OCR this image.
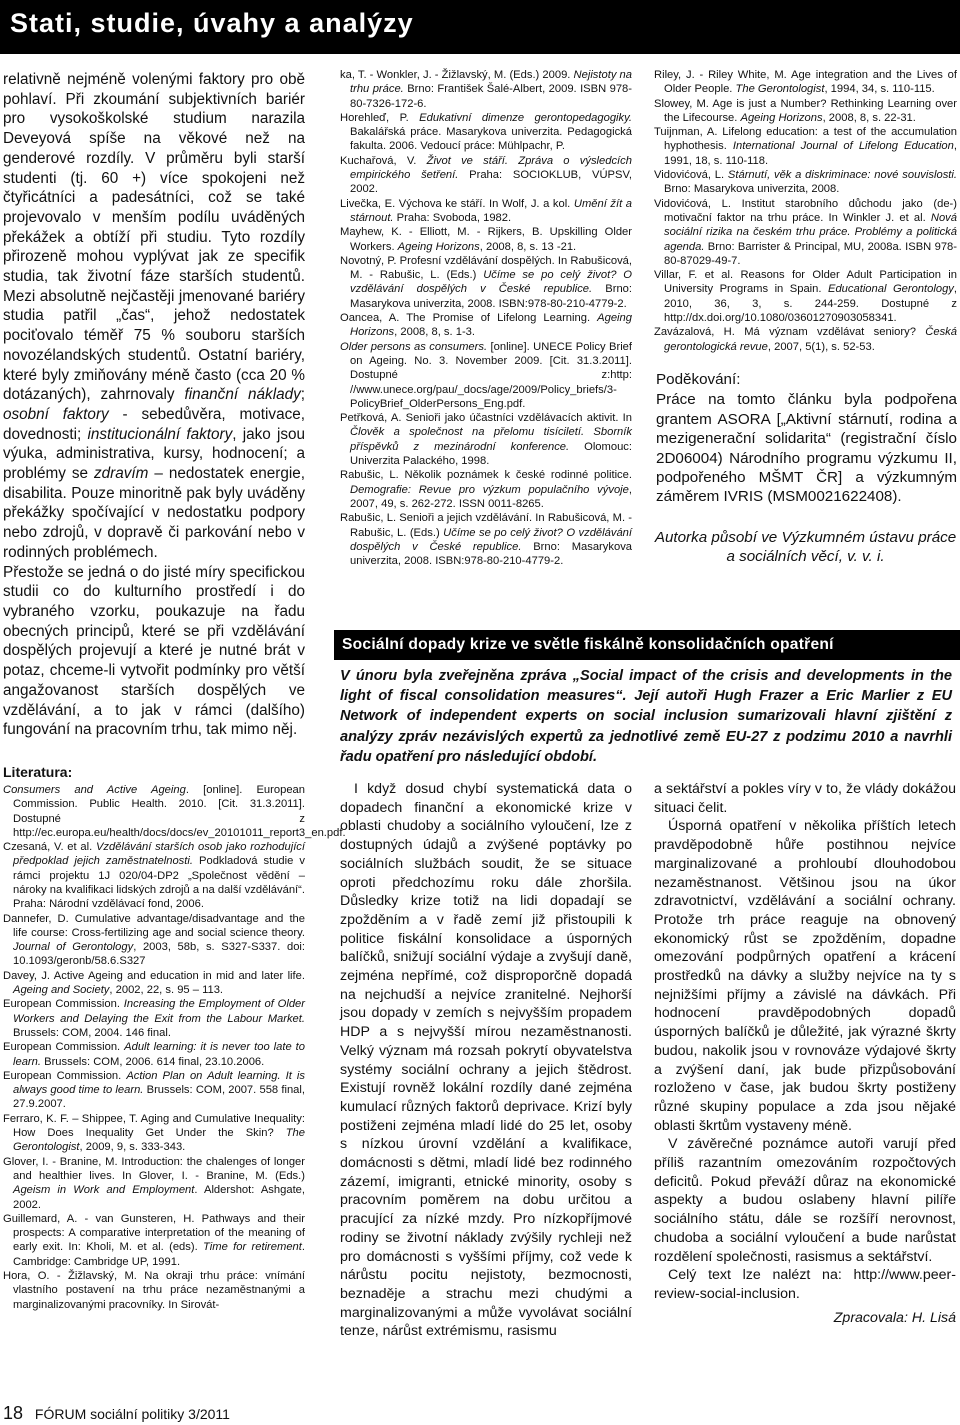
Stati, studie, úvahy a analýzy

relativně nejméně volenými faktory pro obě pohlaví. Při zkoumání subjektivních bariér pro vysokoškolské studium narazila Deveyová spíše na věkové než na genderové rozdíly. V průměru byli starší studenti (tj. 60 +) více spokojeni než čtyřicátníci a padesátníci, což se také projevovalo v menším podílu uváděných překážek a obtíží při studiu. Tyto rozdíly přirozeně mohou vyplývat jak ze specifik studia, tak životní fáze starších studentů. Mezi absolutně nejčastěji jmenované bariéry studia patřil „čas“, jehož nedostatek pociťovalo téměř 75 % souboru starších novozélandských studentů. Ostatní bariéry, které byly zmiňovány méně často (cca 20 % dotázaných), zahrnovaly finanční náklady; osobní faktory - sebedůvěra, motivace, dovednosti; institucionální faktory, jako jsou výuka, administrativa, kursy, hodnocení; a problémy se zdravím – nedostatek energie, disabilita. Pouze minoritně pak byly uváděny překážky spočívající v nedostatku podpory nebo zdrojů, v dopravě či parkování nebo v rodinných problémech.

Přestože se jedná o do jisté míry specifickou studii co do kulturního prostředí i do vybraného vzorku, poukazuje na řadu obecných principů, které se při vzdělávání dospělých projevují a které je nutné brát v potaz, chceme-li vytvořit podmínky pro větší angažovanost starších dospělých ve vzdělávání, a to jak v rámci (dalšího) fungování na pracovním trhu, tak mimo něj.

Literatura:

Consumers and Active Ageing. [online]. European Commission. Public Health. 2010. [Cit. 31.3.2011]. Dostupné z http://ec.europa.eu/health/docs/docs/ev_20101011_report3_en.pdf.

Czesaná, V. et al. Vzdělávání starších osob jako rozhodující předpoklad jejich zaměstnatelnosti. Podkladová studie v rámci projektu 1J 020/04-DP2 „Společnost vědění – nároky na kvalifikaci lidských zdrojů a na další vzdělávání“. Praha: Národní vzdělávací fond, 2006.

Dannefer, D. Cumulative advantage/disadvantage and the life course: Cross-fertilizing age and social science theory. Journal of Gerontology, 2003, 58b, s. S327-S337. doi: 10.1093/geronb/58.6.S327

Davey, J. Active Ageing and education in mid and later life. Ageing and Society, 2002, 22, s. 95 – 113.

European Commission. Increasing the Employment of Older Workers and Delaying the Exit from the Labour Market. Brussels: COM, 2004. 146 final.

European Commission. Adult learning: it is never too late to learn. Brussels: COM, 2006. 614 final, 23.10.2006.

European Commission. Action Plan on Adult learning. It is always good time to learn. Brussels: COM, 2007. 558 final, 27.9.2007.

Ferraro, K. F. – Shippee, T. Aging and Cumulative Inequality: How Does Inequality Get Under the Skin? The Gerontologist, 2009, 9, s. 333-343.

Glover, I. - Branine, M. Introduction: the chalenges of longer and healthier lives. In Glover, I. - Branine, M. (Eds.) Ageism in Work and Employment. Aldershot: Ashgate, 2002.

Guillemard, A. - van Gunsteren, H. Pathways and their prospects: A comparative interpretation of the meaning of early exit. In: Kholi, M. et al. (eds). Time for retirement. Cambridge: Cambridge UP, 1991.

Hora, O. - Žižlavský, M. Na okraji trhu práce: vnímání vlastního postavení na trhu práce nezaměstnanými a marginalizovanými pracovníky. In Sirovát-

ka, T. - Wonkler, J. - Žižlavský, M. (Eds.) 2009. Nejistoty na trhu práce. Brno: František Šalé-Albert, 2009. ISBN 978-80-7326-172-6.

Horehleď, P. Edukativní dimenze gerontopedagogiky. Bakalářská práce. Masarykova univerzita. Pedagogická fakulta. 2006. Vedoucí práce: Mühlpachr, P.

Kuchařová, V. Život ve stáří. Zpráva o výsledcích empirického šetření. Praha: SOCIOKLUB, VÚPSV, 2002.

Livečka, E. Výchova ke stáří. In Wolf, J. a kol. Umění žít a stárnout. Praha: Svoboda, 1982.

Mayhew, K. - Elliott, M. - Rijkers, B. Upskilling Older Workers. Ageing Horizons, 2008, 8, s. 13 -21.

Novotný, P. Profesní vzdělávání dospělých. In Rabušicová, M. - Rabušic, L. (Eds.) Učíme se po celý život? O vzdělávání dospělých v České republice. Brno: Masarykova univerzita, 2008. ISBN:978-80-210-4779-2.

Oancea, A. The Promise of Lifelong Learning. Ageing Horizons, 2008, 8, s. 1-3.

Older persons as consumers. [online]. UNECE Policy Brief on Ageing. No. 3. November 2009. [Cit. 31.3.2011]. Dostupné z:http: //www.unece.org/pau/_docs/age/2009/Policy_briefs/3-PolicyBrief_OlderPersons_Eng.pdf.

Petřková, A. Senioři jako účastníci vzdělávacích aktivit. In Člověk a společnost na přelomu tisíciletí. Sborník příspěvků z mezinárodní konference. Olomouc: Univerzita Palackého, 1998.

Rabušic, L. Několik poznámek k české rodinné politice. Demografie: Revue pro výzkum populačního vývoje, 2007, 49, s. 262-272. ISSN 0011-8265.

Rabušic, L. Senioři a jejich vzdělávání. In Rabušicová, M. - Rabušic, L. (Eds.) Učíme se po celý život? O vzdělávání dospělých v České republice. Brno: Masarykova univerzita, 2008. ISBN:978-80-210-4779-2.

Riley, J. - Riley White, M. Age integration and the Lives of Older People. The Gerontologist, 1994, 34, s. 110-115.

Slowey, M. Age is just a Number? Rethinking Learning over the Lifecourse. Ageing Horizons, 2008, 8, s. 22-31.

Tuijnman, A. Lifelong education: a test of the accumulation hyphothesis. International Journal of Lifelong Education, 1991, 18, s. 110-118.

Vidovićová, L. Stárnutí, věk a diskriminace: nové souvislosti. Brno: Masarykova univerzita, 2008.

Vidovićová, L. Institut starobního důchodu jako (de-) motivační faktor na trhu práce. In Winkler J. et al. Nová sociální rizika na českém trhu práce. Problémy a politická agenda. Brno: Barrister & Principal, MU, 2008a. ISBN 978-80-87029-49-7.

Villar, F. et al. Reasons for Older Adult Participation in University Programs in Spain. Educational Gerontology, 2010, 36, 3, s. 244-259. Dostupné z http://dx.doi.org/10.1080/03601270903058341.

Zavázalová, H. Má význam vzdělávat seniory? Česká gerontologická revue, 2007, 5(1), s. 52-53.

Poděkování:
Práce na tomto článku byla podpořena grantem ASORA [„Aktivní stárnutí, rodina a mezigenerační solidarita“ (registrační číslo 2D06004) Národního programu výzkumu II, podpořeného MŠMT ČR] a výzkumným záměrem IVRIS (MSM0021622408).
Autorka působí ve Výzkumném ústavu práce a sociálních věcí, v. v. i.
Sociální dopady krize ve světle fiskálně konsolidačních opatření
V únoru byla zveřejněna zpráva „Social impact of the crisis and developments in the light of fiscal consolidation measures“. Její autoři Hugh Frazer a Eric Marlier z EU Network of independent experts on social inclusion sumarizovali hlavní zjištění z analýzy zpráv nezávislých expertů za jednotlivé země EU-27 z podzimu 2010 a navrhli řadu opatření pro následující období.

I když dosud chybí systematická data o dopadech finanční a ekonomické krize v oblasti chudoby a sociálního vyloučení, lze z dostupných údajů a zvýšené poptávky po sociálních službách soudit, že se situace oproti předchozímu roku dále zhoršila. Důsledky krize totiž na lidi dopadají se zpožděním a v řadě zemí již přistoupili k politice fiskální konsolidace a úsporných balíčků, snižují sociální výdaje a zvyšují daně, zejména nepřímé, což disproporčně dopadá na nejchudší a nejvíce zranitelné. Nejhorší jsou dopady v zemích s nejvyšším propadem HDP a s nejvyšší mírou nezaměstnanosti. Velký význam má rozsah pokrytí obyvatelstva systémy sociální ochrany a jejich štědrost. Existují rovněž lokální rozdíly dané zejména kumulací různých faktorů deprivace. Krizí byly postiženi zejména mladí lidé do 25 let, osoby s nízkou úrovní vzdělání a kvalifikace, domácnosti s dětmi, mladí lidé bez rodinného zázemí, imigranti, etnické minority, osoby s pracovním poměrem na dobu určitou a pracující za nízké mzdy. Pro nízkopříjmové rodiny se životní náklady zvýšily rychleji než pro domácnosti s vyššími příjmy, což vede k nárůstu pocitu nejistoty, bezmocnosti, beznaděje a strachu mezi chudými a marginalizovanými a může vyvolávat sociální tenze, nárůst extrémismu, rasismu

a sektářství a pokles víry v to, že vlády dokážou situaci čelit.

Úsporná opatření v několika příštích letech pravděpodobně hůře postihnou nejvíce marginalizované a prohloubí dlouhodobou nezaměstnanost. Většinou jsou na úkor zdravotnictví, vzdělávání a sociální ochrany. Protože trh práce reaguje na obnovený ekonomický růst se zpožděním, dopadne omezování podpůrných opatření a krácení prostředků na dávky a služby nejvíce na ty s nejnižšími příjmy a závislé na dávkách. Při hodnocení pravděpodobných dopadů úsporných balíčků je důležité, jak výrazné škrty budou, nakolik jsou v rovnováze výdajové škrty a zvýšení daní, jak bude přizpůsobování rozloženo v čase, jak budou škrty postiženy různé skupiny populace a zda jsou nějaké oblasti škrtům vystaveny méně.

V závěrečné poznámce autoři varují před příliš razantním omezováním rozpočtových deficitů. Pokud převáží důraz na ekonomické aspekty a budou oslabeny hlavní pilíře sociálního státu, dále se rozšíří nerovnost, chudoba a sociální vyloučení a bude narůstat rozdělení společnosti, rasismus a sektářství.

Celý text lze nalézt na: http://www.peer-review-social-inclusion.

Zpracovala: H. Lisá

18 FÓRUM sociální politiky 3/2011
